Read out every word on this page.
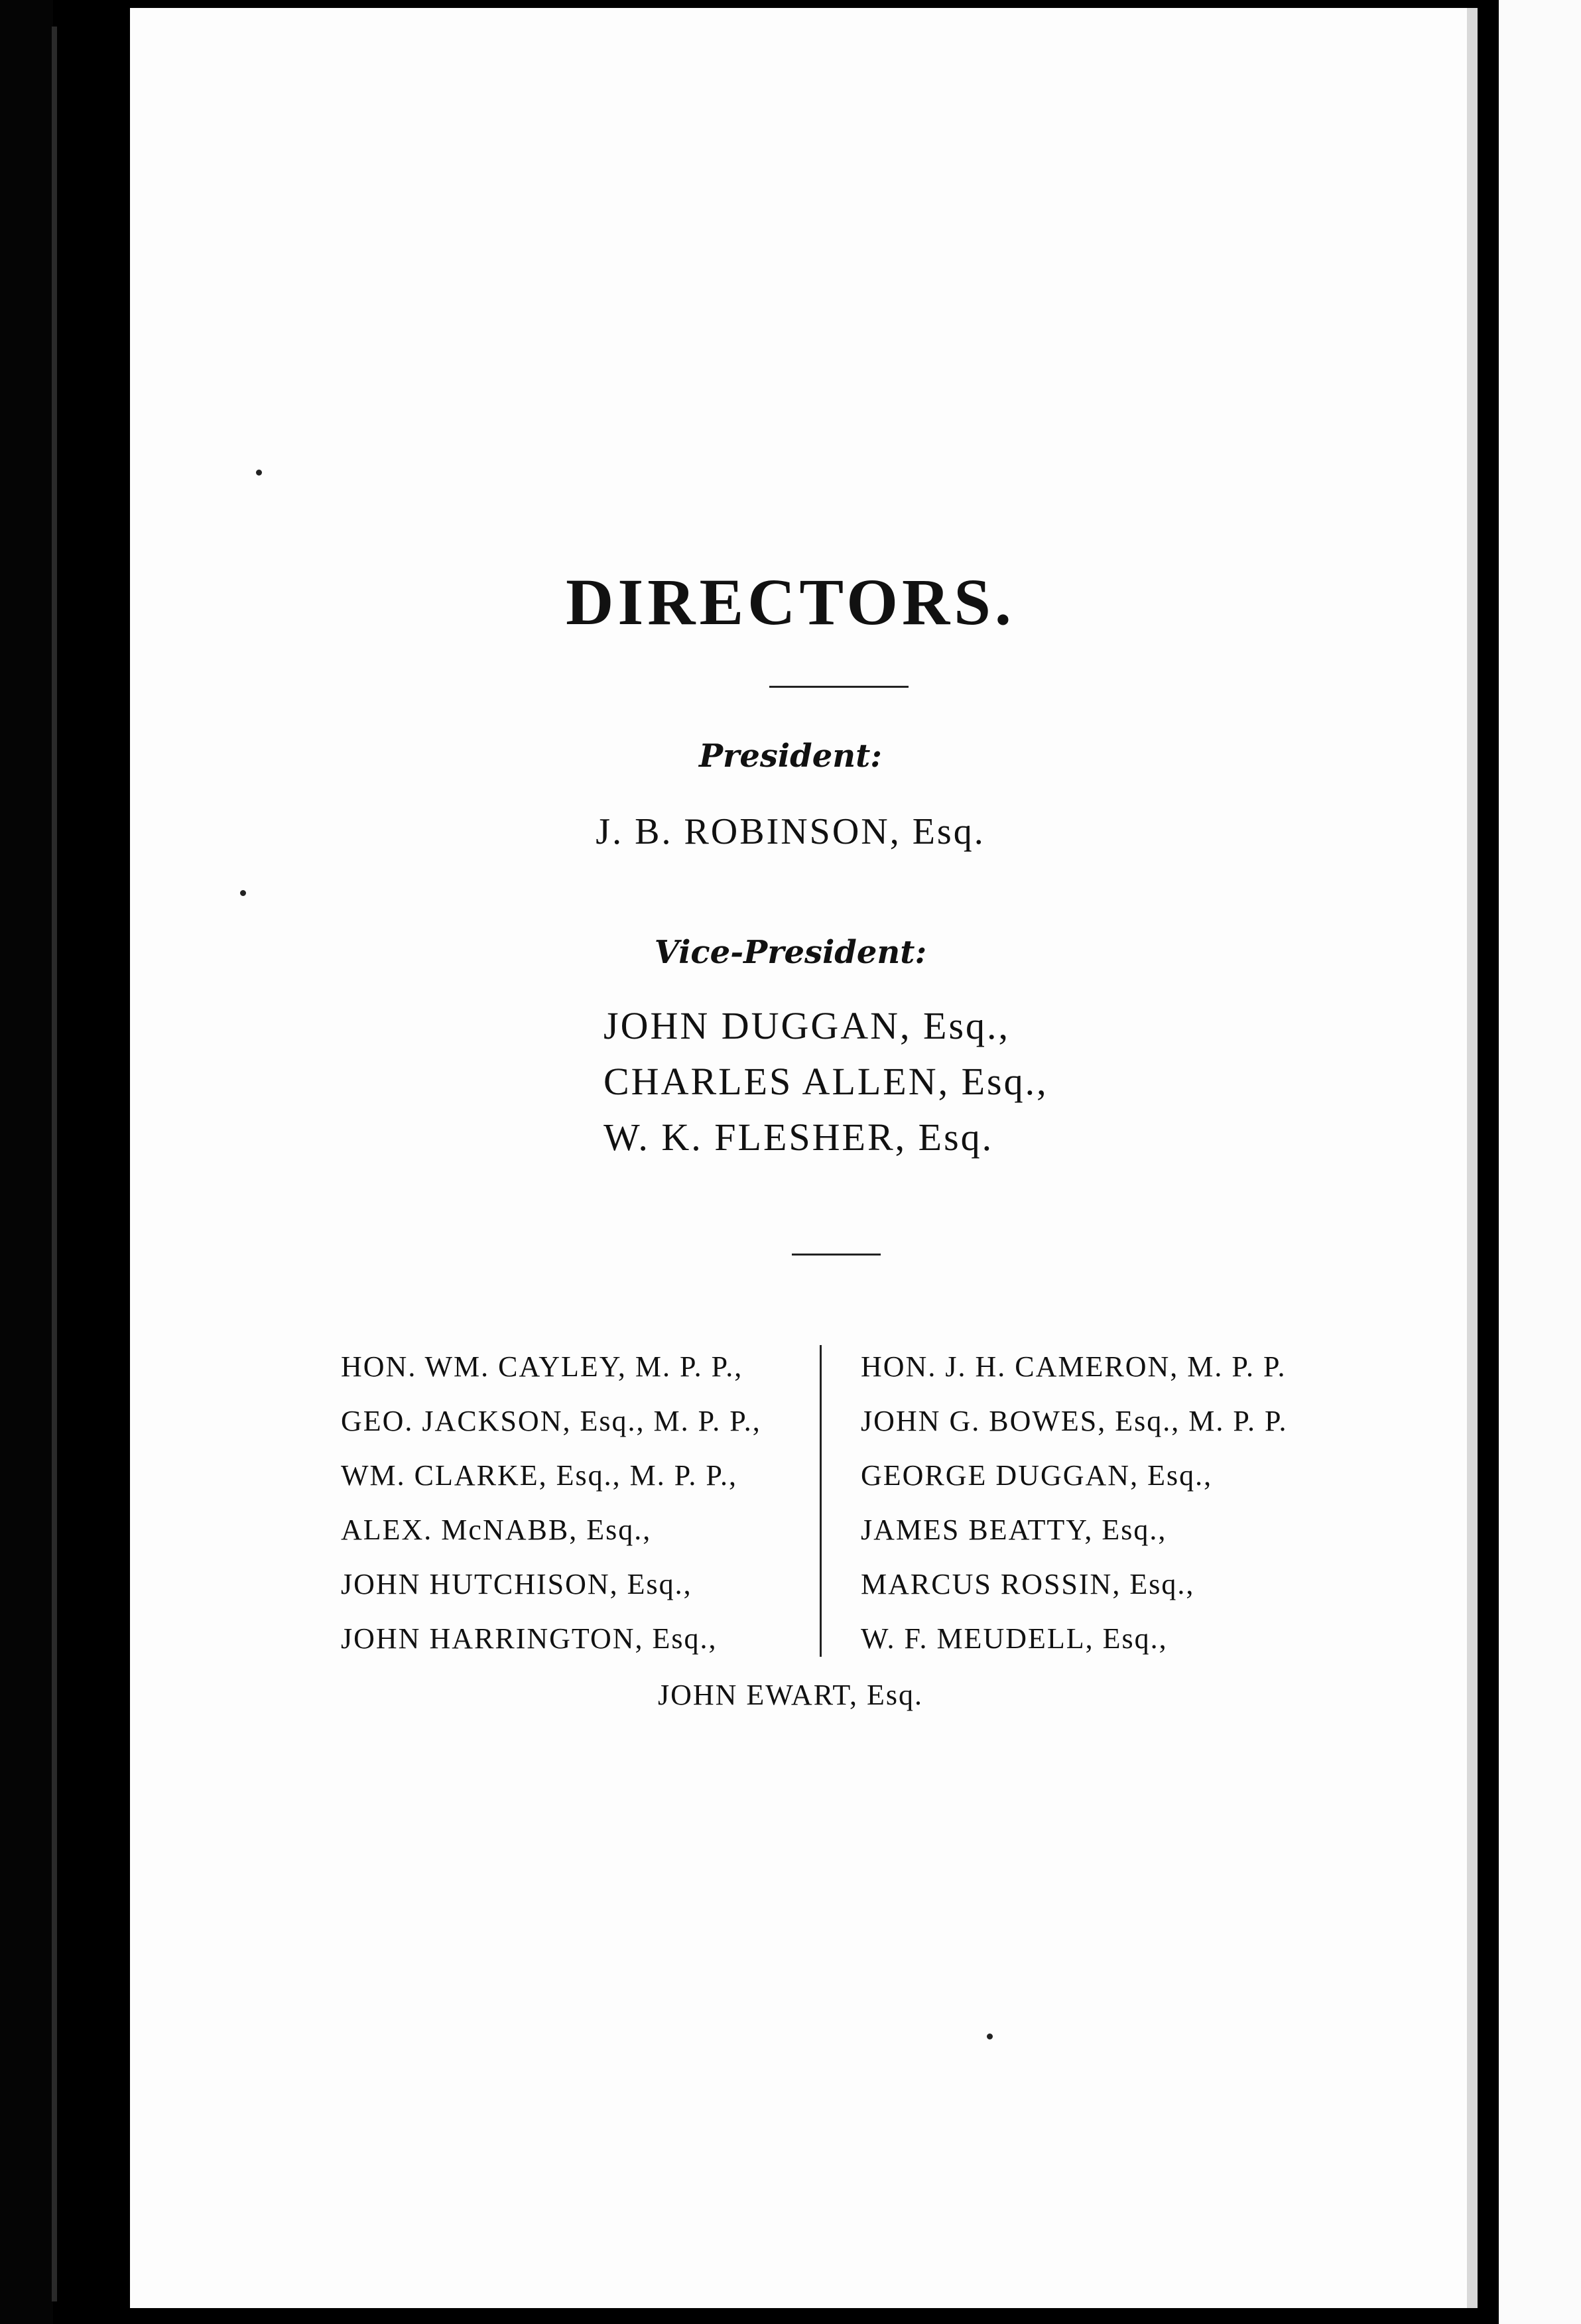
DIRECTORS.
President:
J. B. ROBINSON, Esq.
Vice-President:
JOHN DUGGAN, Esq.,
CHARLES ALLEN, Esq.,
W. K. FLESHER, Esq.
HON. WM. CAYLEY, M. P. P.,
GEO. JACKSON, Esq., M. P. P.,
WM. CLARKE, Esq., M. P. P.,
ALEX. McNABB, Esq.,
JOHN HUTCHISON, Esq.,
JOHN HARRINGTON, Esq.,
HON. J. H. CAMERON, M. P. P.
JOHN G. BOWES, Esq., M. P. P.
GEORGE DUGGAN, Esq.,
JAMES BEATTY, Esq.,
MARCUS ROSSIN, Esq.,
W. F. MEUDELL, Esq.,
JOHN EWART, Esq.
